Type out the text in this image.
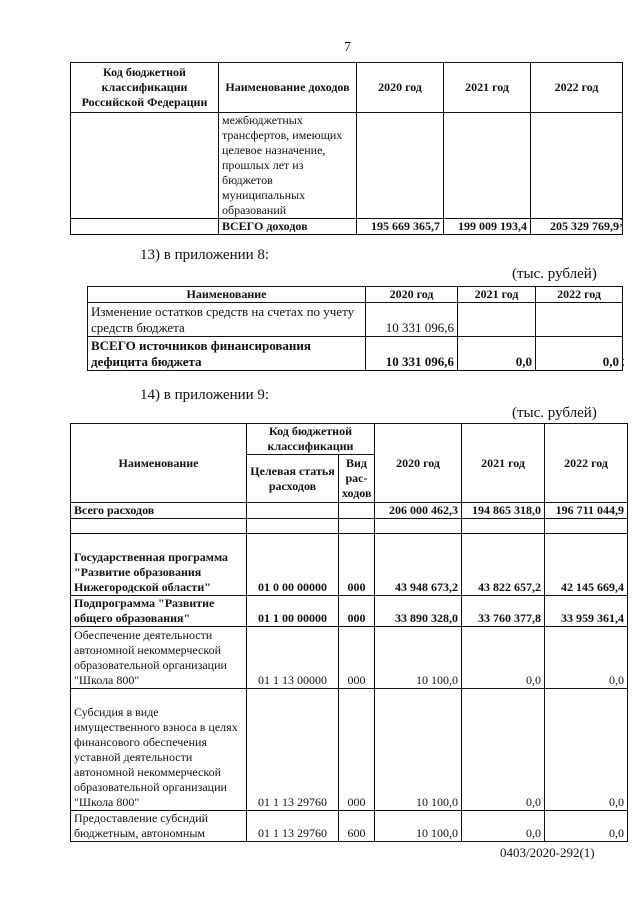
7
Код бюджетной классификации Российской Федерации	Наименование доходов	2020 год	2021 год	2022 год
	межбюджетных трансфертов, имеющих целевое назначение, прошлых лет из бюджетов муниципальных образований			
	ВСЕГО доходов	195 669 365,7	199 009 193,4	205 329 769,9 ;
13) в приложении 8:
(тыс. рублей)
Наименование	2020 год	2021 год	2022 год
Изменение остатков средств на счетах по учету средств бюджета	10 331 096,6		
ВСЕГО источников финансирования дефицита бюджета	10 331 096,6	0,0	0,0 ;
14) в приложении 9:
(тыс. рублей)
Наименование	Код бюджетной классификации		2020 год	2021 год	2022 год
	Целевая статья расходов	Вид рас-ходов			
Всего расходов			206 000 462,3	194 865 318,0	196 711 044,9

Государственная программа "Развитие образования Нижегородской области"	01 0 00 00000	000	43 948 673,2	43 822 657,2	42 145 669,4
Подпрограмма "Развитие общего образования"	01 1 00 00000	000	33 890 328,0	33 760 377,8	33 959 361,4
Обеспечение деятельности автономной некоммерческой образовательной организации "Школа 800"	01 1 13 00000	000	10 100,0	0,0	0,0
Субсидия в виде имущественного взноса в целях финансового обеспечения уставной деятельности автономной некоммерческой образовательной организации "Школа 800"	01 1 13 29760	000	10 100,0	0,0	0,0
Предоставление субсидий бюджетным, автономным	01 1 13 29760	600	10 100,0	0,0	0,0
0403/2020-292(1)
